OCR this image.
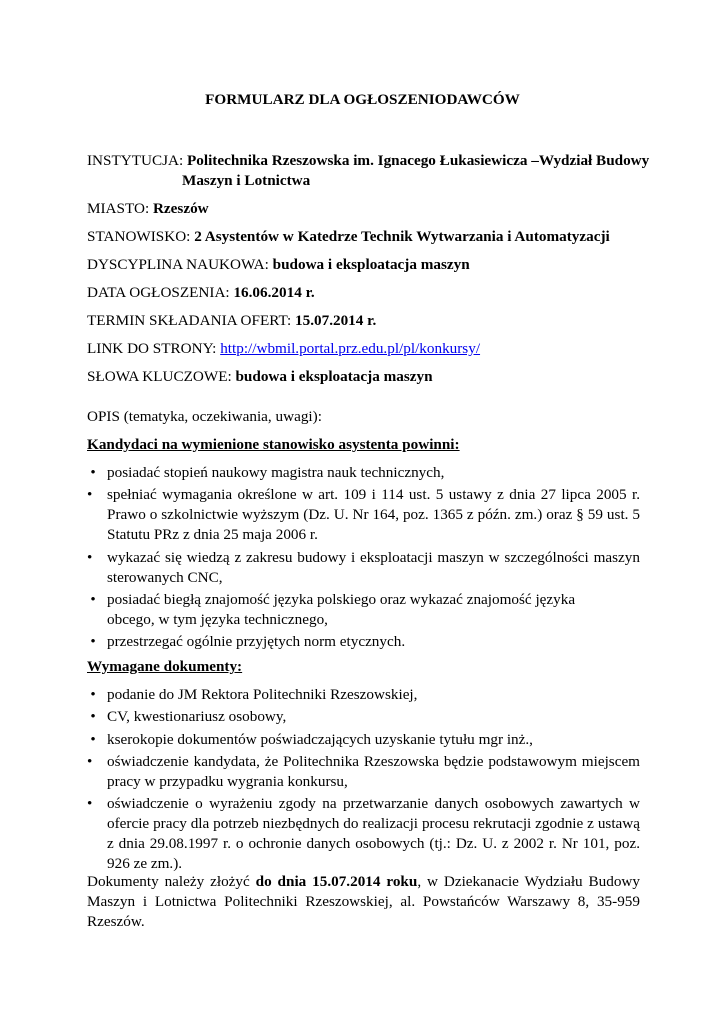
FORMULARZ DLA OGŁOSZENIODAWCÓW
INSTYTUCJA: Politechnika Rzeszowska im. Ignacego Łukasiewicza –Wydział Budowy
Maszyn i Lotnictwa
MIASTO: Rzeszów
STANOWISKO: 2 Asystentów w Katedrze Technik Wytwarzania i Automatyzacji
DYSCYPLINA NAUKOWA: budowa i eksploatacja maszyn
DATA OGŁOSZENIA: 16.06.2014 r.
TERMIN SKŁADANIA OFERT: 15.07.2014 r.
LINK DO STRONY: http://wbmil.portal.prz.edu.pl/pl/konkursy/
SŁOWA KLUCZOWE: budowa i eksploatacja maszyn
OPIS (tematyka, oczekiwania, uwagi):
Kandydaci na wymienione stanowisko asystenta powinni:
• posiadać stopień naukowy magistra nauk technicznych,
• spełniać wymagania określone w art. 109 i 114 ust. 5 ustawy z dnia 27 lipca 2005 r. Prawo o szkolnictwie wyższym (Dz. U. Nr 164, poz. 1365 z późn. zm.) oraz § 59 ust. 5 Statutu PRz z dnia 25 maja 2006 r.
• wykazać się wiedzą z zakresu budowy i eksploatacji maszyn w szczególności maszyn sterowanych CNC,
• posiadać biegłą znajomość języka polskiego oraz wykazać znajomość języka obcego, w tym języka technicznego,
• przestrzegać ogólnie przyjętych norm etycznych.
Wymagane dokumenty:
• podanie do JM Rektora Politechniki Rzeszowskiej,
• CV, kwestionariusz osobowy,
• kserokopie dokumentów poświadczających uzyskanie tytułu mgr inż.,
• oświadczenie kandydata, że Politechnika Rzeszowska będzie podstawowym miejscem pracy w przypadku wygrania konkursu,
• oświadczenie o wyrażeniu zgody na przetwarzanie danych osobowych zawartych w ofercie pracy dla potrzeb niezbędnych do realizacji procesu rekrutacji zgodnie z ustawą z dnia 29.08.1997 r. o ochronie danych osobowych (tj.: Dz. U. z 2002 r. Nr 101, poz. 926 ze zm.).
Dokumenty należy złożyć do dnia 15.07.2014 roku, w Dziekanacie Wydziału Budowy Maszyn i Lotnictwa Politechniki Rzeszowskiej, al. Powstańców Warszawy 8, 35-959 Rzeszów.
